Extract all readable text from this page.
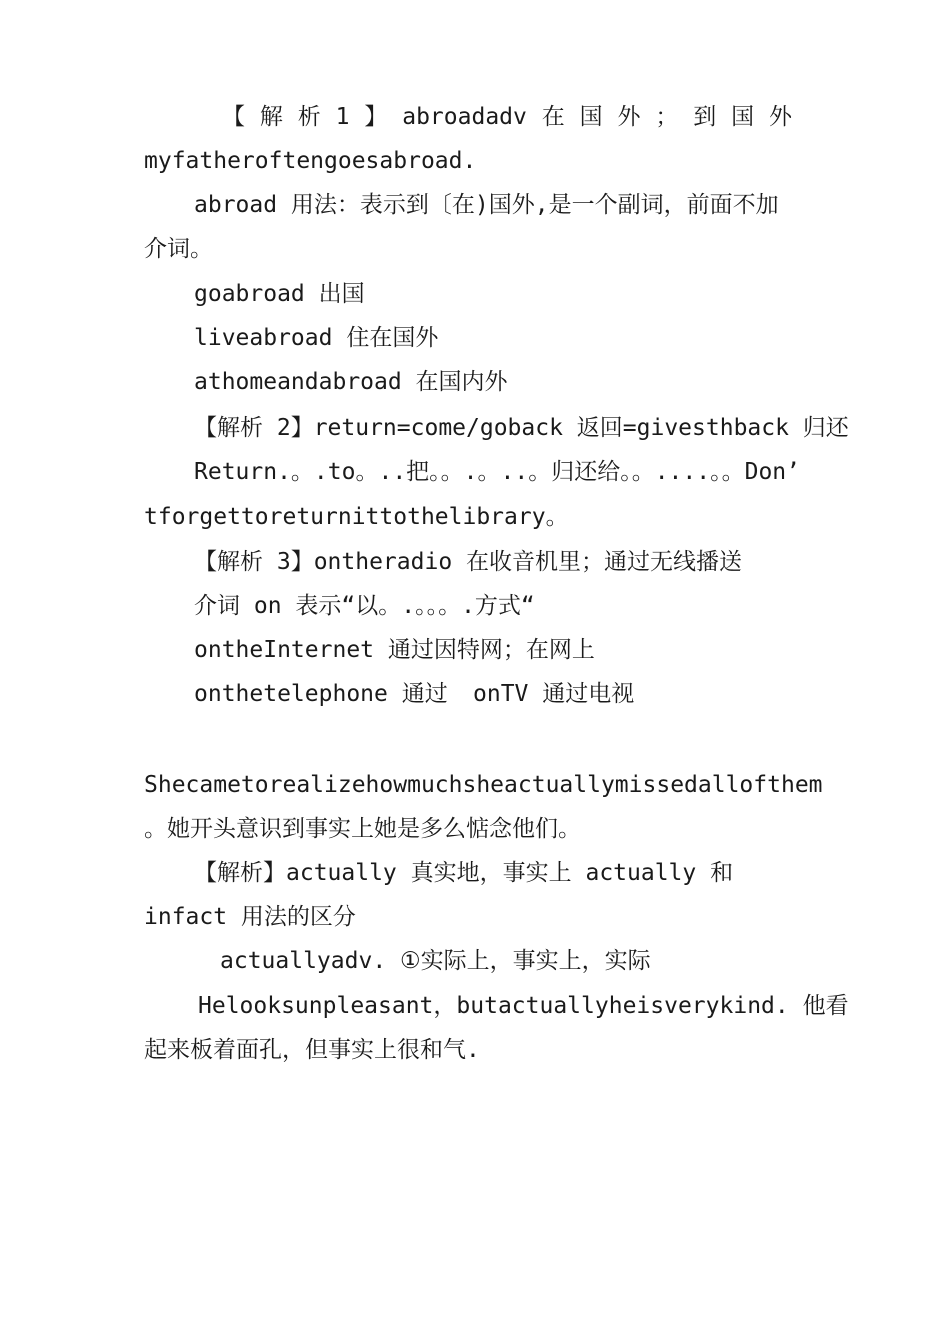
【 解 析 1 】 abroadadv 在 国 外 ； 到 国 外
myfatheroftengoesabroad.
abroad 用法：表示到〔在)国外,是一个副词，前面不加
介词。
goabroad 出国
liveabroad 住在国外
athomeandabroad 在国内外
【解析 2】return=come/goback 返回=givesthback 归还
Return.。.to。..把。。.。..。归还给。。....。。Don’
tforgettoreturnittothelibrary。
【解析 3】ontheradio 在收音机里；通过无线播送
介词 on 表示“以。.。。。.方式“
ontheInternet 通过因特网；在网上
onthetelephone 通过 onTV 通过电视
Shecametorealizehowmuchsheactuallymissedallofthem
。她开头意识到事实上她是多么惦念他们。
【解析】actually 真实地，事实上 actually 和
infact 用法的区分
actuallyadv. ①实际上，事实上，实际
Helooksunpleasant，butactuallyheisverykind. 他看
起来板着面孔，但事实上很和气.
